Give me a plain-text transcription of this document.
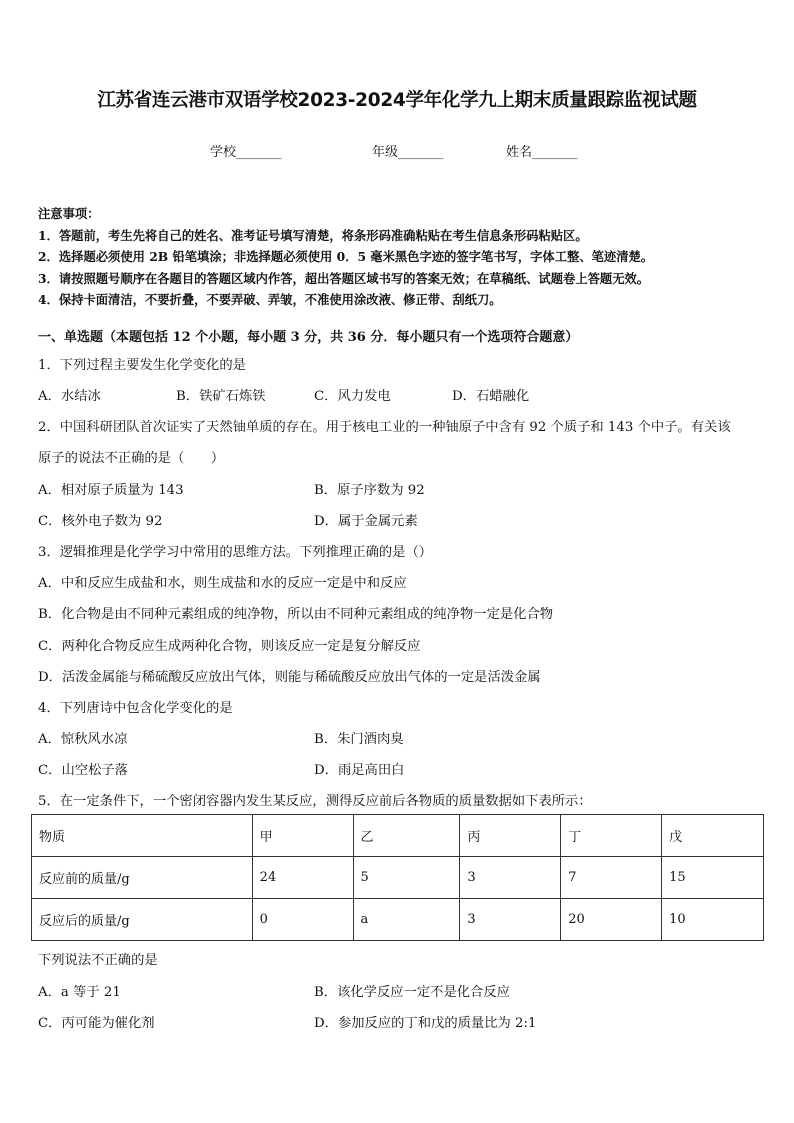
江苏省连云港市双语学校2023-2024学年化学九上期末质量跟踪监视试题
学校_______	年级_______	姓名_______
注意事项：
1．答题前，考生先将自己的姓名、准考证号填写清楚，将条形码准确粘贴在考生信息条形码粘贴区。
2．选择题必须使用 2B 铅笔填涂；非选择题必须使用 0．5 毫米黑色字迹的签字笔书写，字体工整、笔迹清楚。
3．请按照题号顺序在各题目的答题区域内作答，超出答题区域书写的答案无效；在草稿纸、试题卷上答题无效。
4．保持卡面清洁，不要折叠，不要弄破、弄皱，不准使用涂改液、修正带、刮纸刀。
一、单选题（本题包括 12 个小题，每小题 3 分，共 36 分．每小题只有一个选项符合题意）
1．下列过程主要发生化学变化的是
A．水结冰	B．铁矿石炼铁	C．风力发电	D．石蜡融化
2．中国科研团队首次证实了天然铀单质的存在。用于核电工业的一种铀原子中含有 92 个质子和 143 个中子。有关该
原子的说法不正确的是（　　）
A．相对原子质量为 143	B．原子序数为 92
C．核外电子数为 92	D．属于金属元素
3．逻辑推理是化学学习中常用的思维方法。下列推理正确的是（）
A．中和反应生成盐和水，则生成盐和水的反应一定是中和反应
B．化合物是由不同种元素组成的纯净物，所以由不同种元素组成的纯净物一定是化合物
C．两种化合物反应生成两种化合物，则该反应一定是复分解反应
D．活泼金属能与稀硫酸反应放出气体，则能与稀硫酸反应放出气体的一定是活泼金属
4．下列唐诗中包含化学变化的是
A．惊秋风水凉	B．朱门酒肉臭
C．山空松子落	D．雨足高田白
5．在一定条件下，一个密闭容器内发生某反应，测得反应前后各物质的质量数据如下表所示：
物质	甲	乙	丙	丁	戊
反应前的质量/g	24	5	3	7	15
反应后的质量/g	0	a	3	20	10
下列说法不正确的是
A．a 等于 21	B．该化学反应一定不是化合反应
C．丙可能为催化剂	D．参加反应的丁和戊的质量比为 2:1
